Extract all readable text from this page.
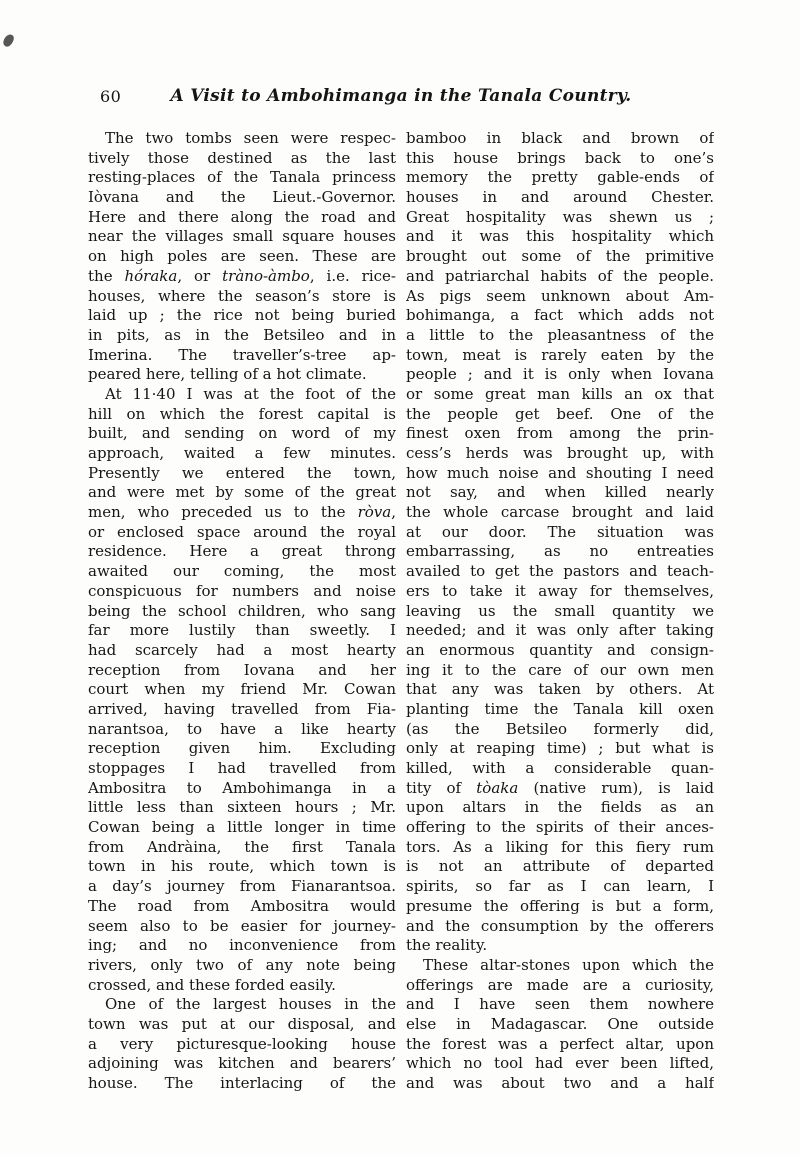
60	A Visit to Ambohimanga in the Tanala Country.
The two tombs seen were respec-
tively those destined as the last
resting-places of the Tanala princess
Iòvana and the Lieut.-Governor.
Here and there along the road and
near the villages small square houses
on high poles are seen. These are
the hóraka, or tràno-àmbo, i.e. rice-
houses, where the season’s store is
laid up ; the rice not being buried
in pits, as in the Betsileo and in
Imerina. The traveller’s-tree ap-
peared here, telling of a hot climate.
At 11·40 I was at the foot of the
hill on which the forest capital is
built, and sending on word of my
approach, waited a few minutes.
Presently we entered the town,
and were met by some of the great
men, who preceded us to the ròva,
or enclosed space around the royal
residence. Here a great throng
awaited our coming, the most
conspicuous for numbers and noise
being the school children, who sang
far more lustily than sweetly. I
had scarcely had a most hearty
reception from Iovana and her
court when my friend Mr. Cowan
arrived, having travelled from Fia-
narantsoa, to have a like hearty
reception given him. Excluding
stoppages I had travelled from
Ambositra to Ambohimanga in a
little less than sixteen hours ; Mr.
Cowan being a little longer in time
from Andràina, the first Tanala
town in his route, which town is
a day’s journey from Fianarantsoa.
The road from Ambositra would
seem also to be easier for journey-
ing; and no inconvenience from
rivers, only two of any note being
crossed, and these forded easily.
One of the largest houses in the
town was put at our disposal, and
a very picturesque-looking house
adjoining was kitchen and bearers’
house. The interlacing of the
bamboo in black and brown of
this house brings back to one’s
memory the pretty gable-ends of
houses in and around Chester.
Great hospitality was shewn us ;
and it was this hospitality which
brought out some of the primitive
and patriarchal habits of the people.
As pigs seem unknown about Am-
bohimanga, a fact which adds not
a little to the pleasantness of the
town, meat is rarely eaten by the
people ; and it is only when Iovana
or some great man kills an ox that
the people get beef. One of the
finest oxen from among the prin-
cess’s herds was brought up, with
how much noise and shouting I need
not say, and when killed nearly
the whole carcase brought and laid
at our door. The situation was
embarrassing, as no entreaties
availed to get the pastors and teach-
ers to take it away for themselves,
leaving us the small quantity we
needed; and it was only after taking
an enormous quantity and consign-
ing it to the care of our own men
that any was taken by others. At
planting time the Tanala kill oxen
(as the Betsileo formerly did,
only at reaping time) ; but what is
killed, with a considerable quan-
tity of tòaka (native rum), is laid
upon altars in the fields as an
offering to the spirits of their ances-
tors. As a liking for this fiery rum
is not an attribute of departed
spirits, so far as I can learn, I
presume the offering is but a form,
and the consumption by the offerers
the reality.
These altar-stones upon which the
offerings are made are a curiosity,
and I have seen them nowhere
else in Madagascar. One outside
the forest was a perfect altar, upon
which no tool had ever been lifted,
and was about two and a half
